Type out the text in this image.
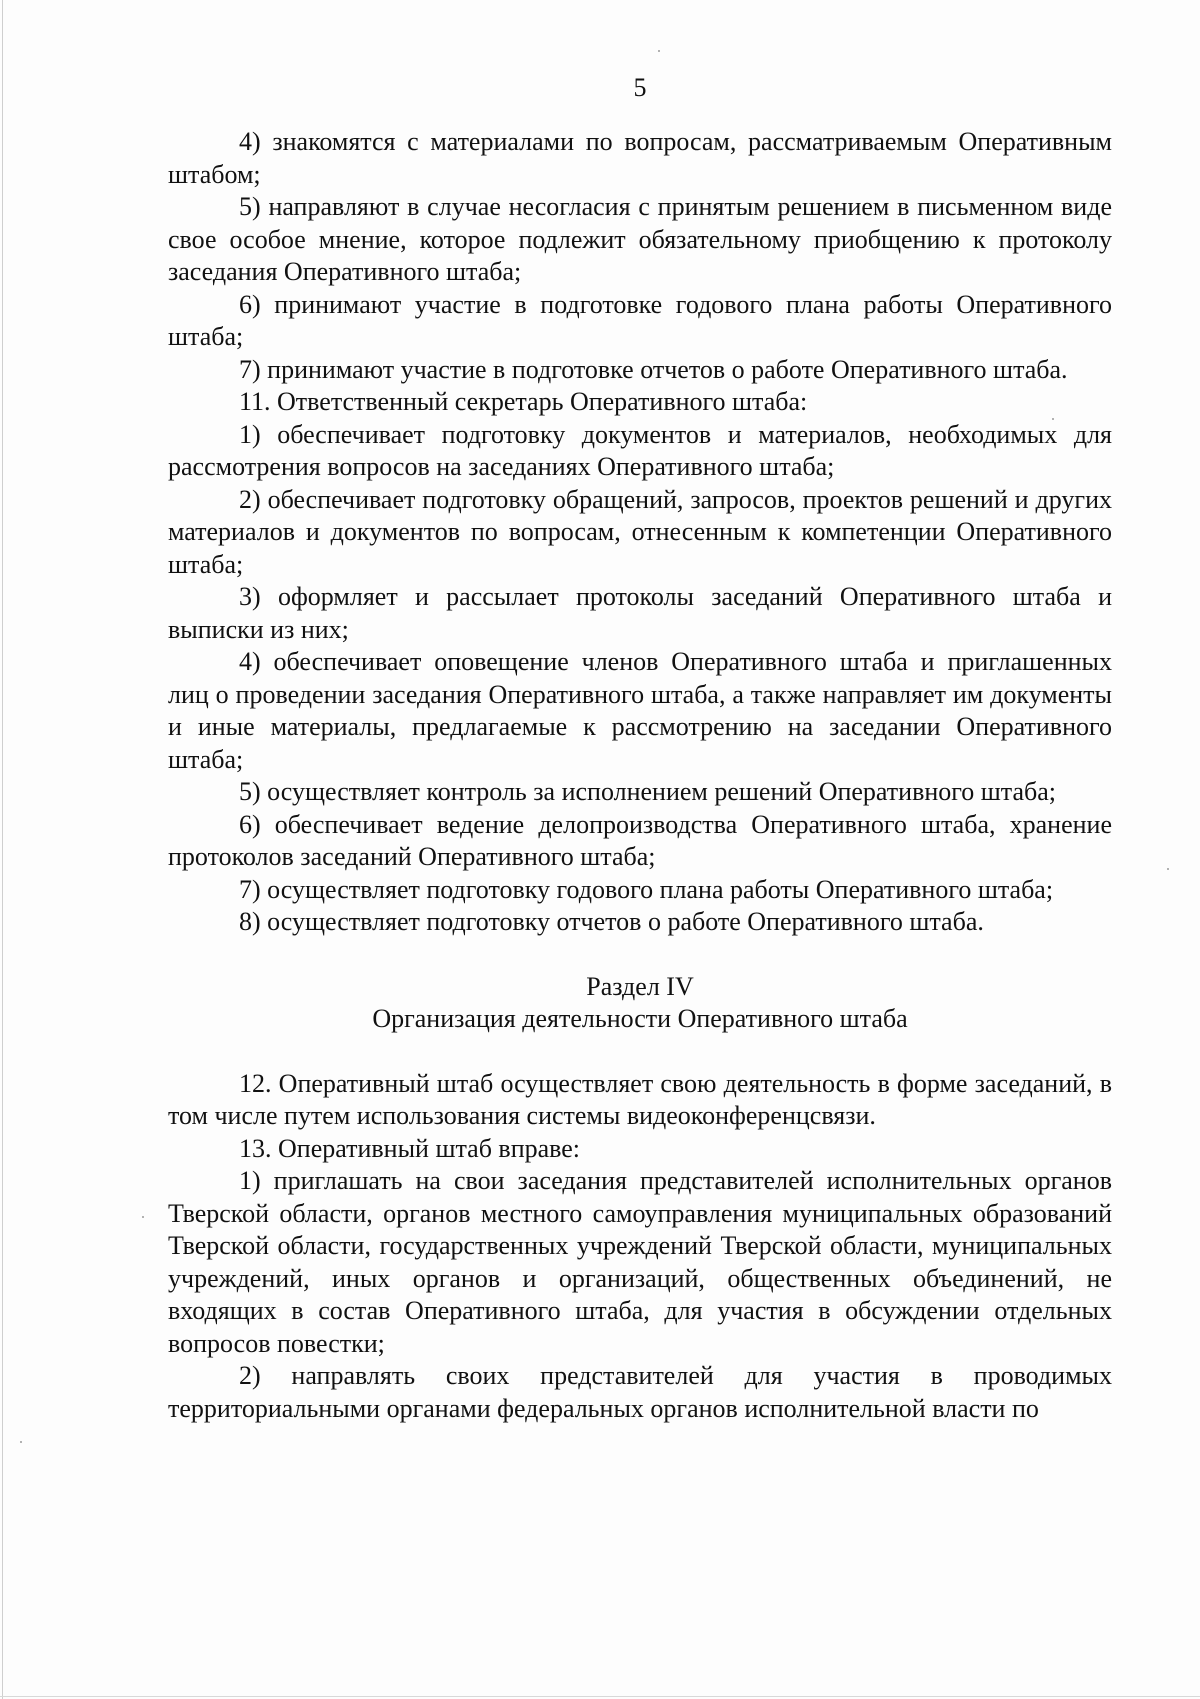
5

4) знакомятся с материалами по вопросам, рассматриваемым Оперативным штабом;

5) направляют в случае несогласия с принятым решением в письменном виде свое особое мнение, которое подлежит обязательному приобщению к протоколу заседания Оперативного штаба;

6) принимают участие в подготовке годового плана работы Оперативного штаба;

7) принимают участие в подготовке отчетов о работе Оперативного штаба.

11. Ответственный секретарь Оперативного штаба:

1) обеспечивает подготовку документов и материалов, необходимых для рассмотрения вопросов на заседаниях Оперативного штаба;

2) обеспечивает подготовку обращений, запросов, проектов решений и других материалов и документов по вопросам, отнесенным к компетенции Оперативного штаба;

3) оформляет и рассылает протоколы заседаний Оперативного штаба и выписки из них;

4) обеспечивает оповещение членов Оперативного штаба и приглашенных лиц о проведении заседания Оперативного штаба, а также направляет им документы и иные материалы, предлагаемые к рассмотрению на заседании Оперативного штаба;

5) осуществляет контроль за исполнением решений Оперативного штаба;

6) обеспечивает ведение делопроизводства Оперативного штаба, хранение протоколов заседаний Оперативного штаба;

7) осуществляет подготовку годового плана работы Оперативного штаба;

8) осуществляет подготовку отчетов о работе Оперативного штаба.

Раздел IV

Организация деятельности Оперативного штаба

12. Оперативный штаб осуществляет свою деятельность в форме заседаний, в том числе путем использования системы видеоконференцсвязи.

13. Оперативный штаб вправе:

1) приглашать на свои заседания представителей исполнительных органов Тверской области, органов местного самоуправления муниципальных образований Тверской области, государственных учреждений Тверской области, муниципальных учреждений, иных органов и организаций, общественных объединений, не входящих в состав Оперативного штаба, для участия в обсуждении отдельных вопросов повестки;

2) направлять своих представителей для участия в проводимых территориальными органами федеральных органов исполнительной власти по
